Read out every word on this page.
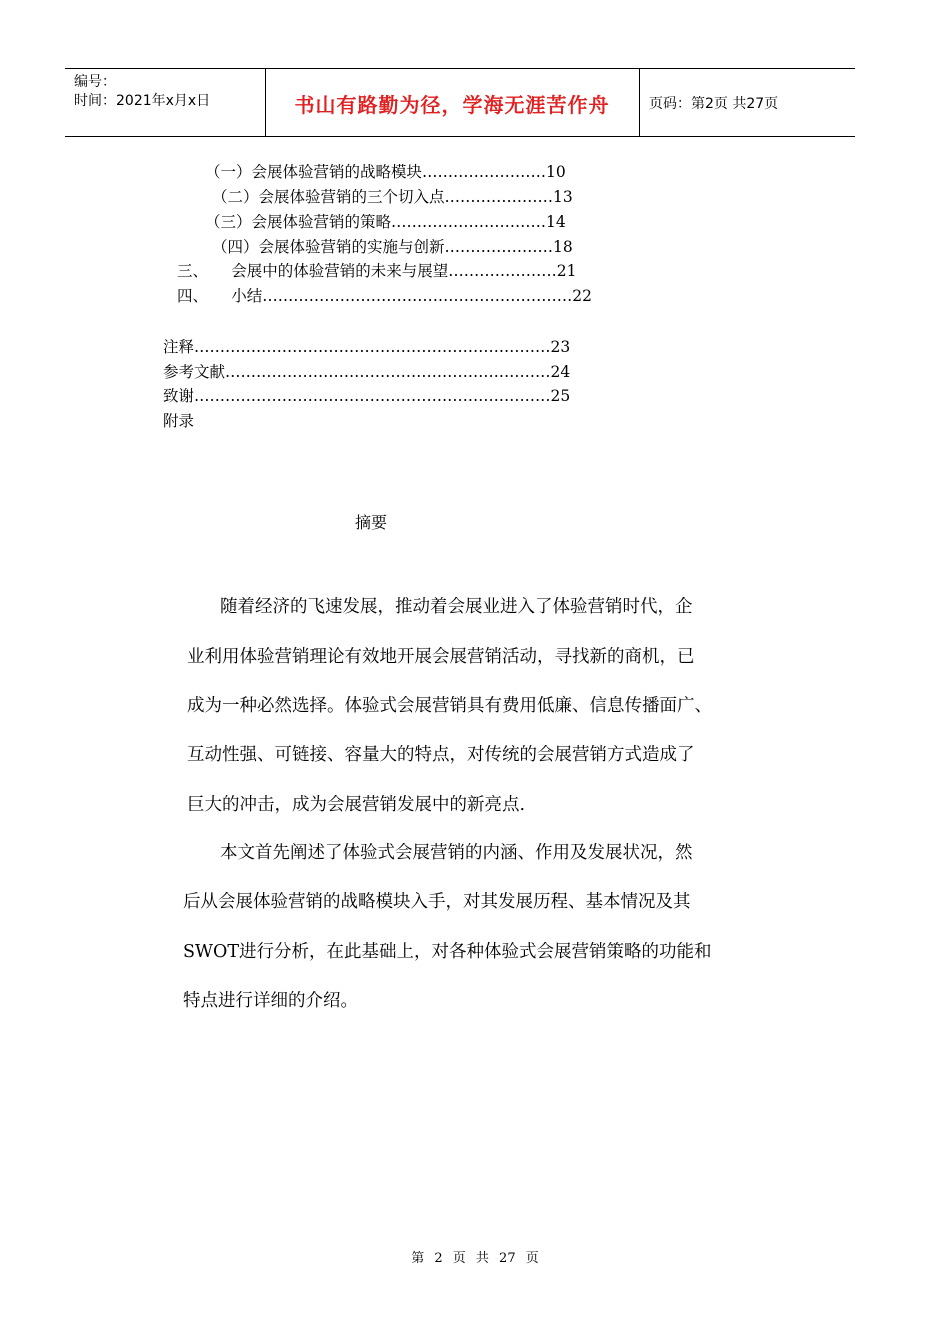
编号：
时间：2021年x月x日	书山有路勤为径，学海无涯苦作舟	页码：第2页 共27页
（一）会展体验营销的战略模块……………………10
（二）会展体验营销的三个切入点…………………13
（三）会展体验营销的策略…………………………14
（四）会展体验营销的实施与创新…………………18
三、　　会展中的体验营销的未来与展望…………………21
四、　　小结……………………………………………………22
注释……………………………………………………………23
参考文献………………………………………………………24
致谢……………………………………………………………25
附录
摘要
随着经济的飞速发展，推动着会展业进入了体验营销时代，企
业利用体验营销理论有效地开展会展营销活动，寻找新的商机，已
成为一种必然选择。体验式会展营销具有费用低廉、信息传播面广、
互动性强、可链接、容量大的特点，对传统的会展营销方式造成了
巨大的冲击，成为会展营销发展中的新亮点.
本文首先阐述了体验式会展营销的内涵、作用及发展状况，然
后从会展体验营销的战略模块入手，对其发展历程、基本情况及其
SWOT进行分析，在此基础上，对各种体验式会展营销策略的功能和
特点进行详细的介绍。
第 2 页 共 27 页
